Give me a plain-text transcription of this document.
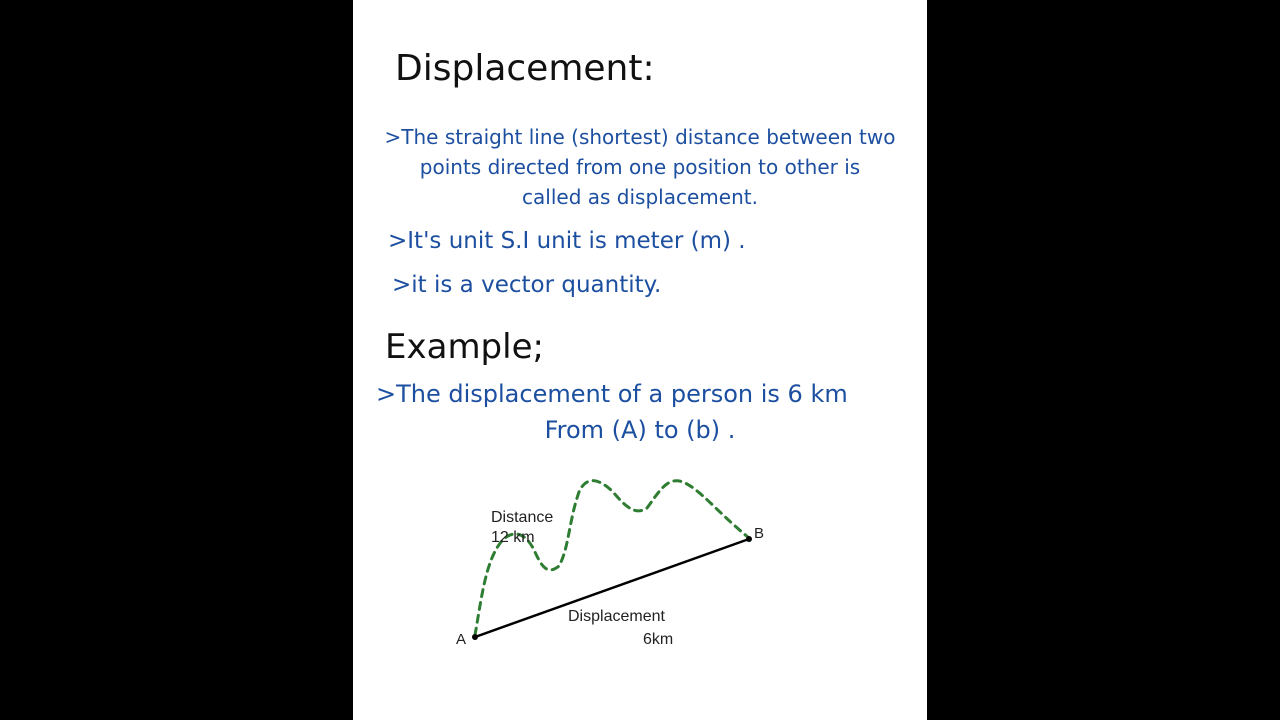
Displacement:

>The straight line (shortest) distance between two
points directed from one position to other is
called as displacement.

>It's unit S.I unit is meter (m) .

>it is a vector quantity.

Example;

>The displacement of a person is 6 km

From (A) to (b) .

A
B
Distance
12 km
Displacement
6km
